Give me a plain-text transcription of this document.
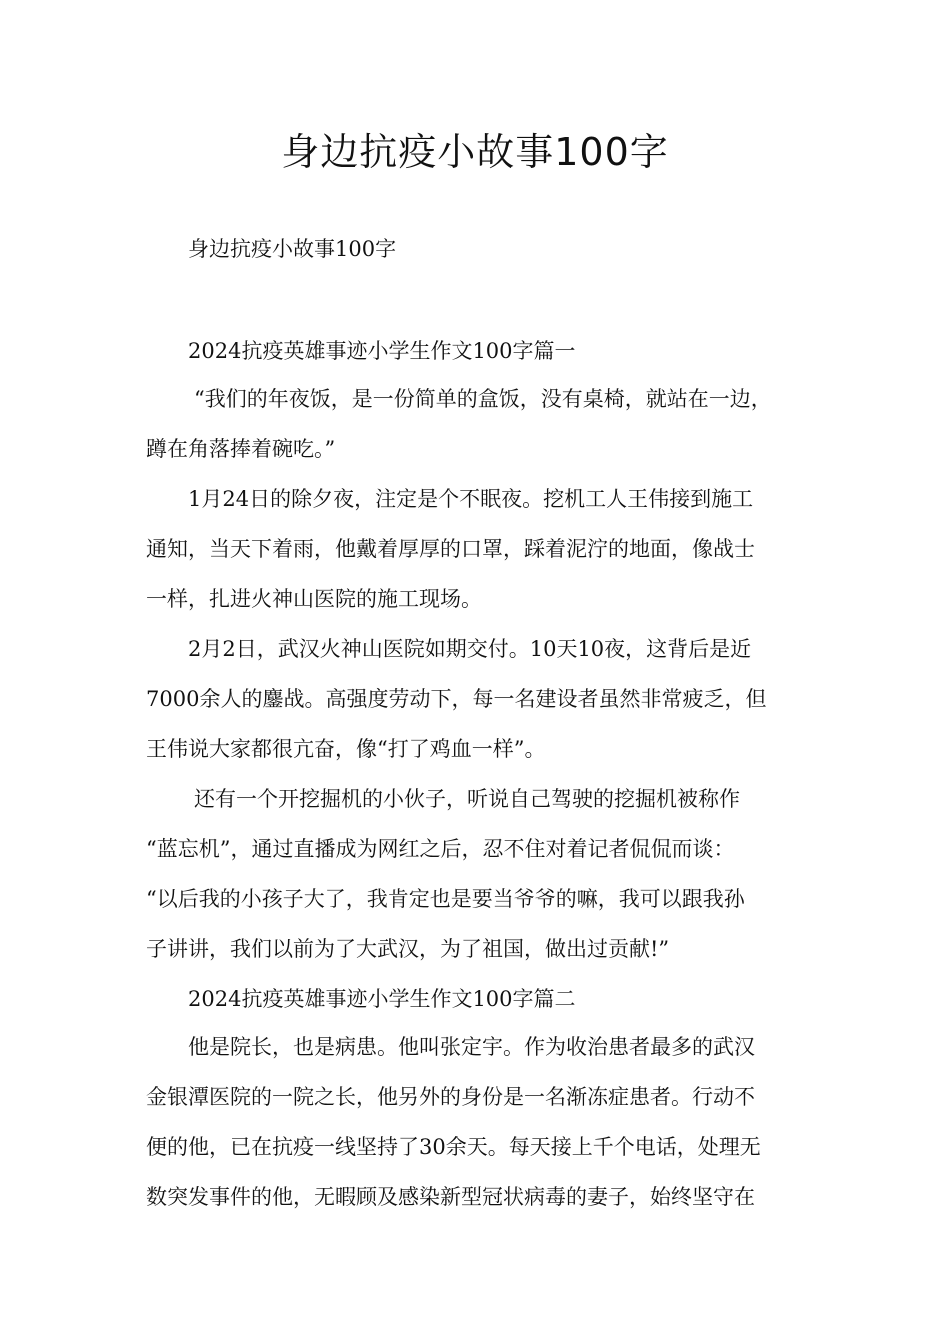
身边抗疫小故事100字
身边抗疫小故事100字
2024抗疫英雄事迹小学生作文100字篇一
“我们的年夜饭，是一份简单的盒饭，没有桌椅，就站在一边，
蹲在角落捧着碗吃。”
1月24日的除夕夜，注定是个不眠夜。挖机工人王伟接到施工
通知，当天下着雨，他戴着厚厚的口罩，踩着泥泞的地面，像战士
一样，扎进火神山医院的施工现场。
2月2日，武汉火神山医院如期交付。10天10夜，这背后是近
7000余人的鏖战。高强度劳动下，每一名建设者虽然非常疲乏，但
王伟说大家都很亢奋，像“打了鸡血一样”。
还有一个开挖掘机的小伙子，听说自己驾驶的挖掘机被称作
“蓝忘机”，通过直播成为网红之后，忍不住对着记者侃侃而谈：
“以后我的小孩子大了，我肯定也是要当爷爷的嘛，我可以跟我孙
子讲讲，我们以前为了大武汉，为了祖国，做出过贡献!”
2024抗疫英雄事迹小学生作文100字篇二
他是院长，也是病患。他叫张定宇。作为收治患者最多的武汉
金银潭医院的一院之长，他另外的身份是一名渐冻症患者。行动不
便的他，已在抗疫一线坚持了30余天。每天接上千个电话，处理无
数突发事件的他，无暇顾及感染新型冠状病毒的妻子，始终坚守在
